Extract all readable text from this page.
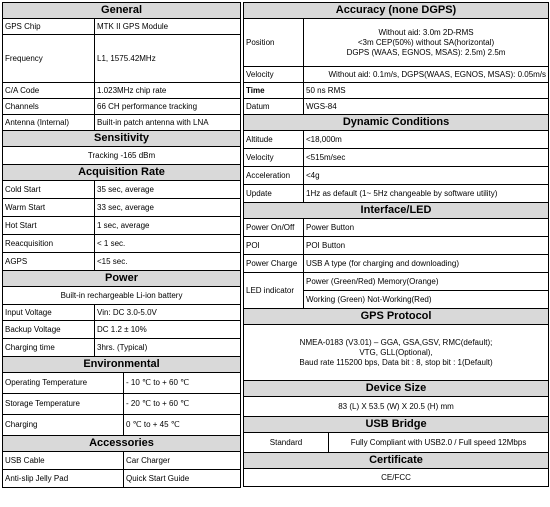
General		
GPS Chip	MTK II GPS Module	
Frequency	L1, 1575.42MHz	
C/A Code	1.023MHz chip rate	
Channels	66 CH performance tracking	
Antenna (Internal)	Built-in patch antenna with LNA	
Sensitivity		
Tracking -165 dBm		
Acquisition Rate		
Cold Start	35 sec, average	
Warm Start	33 sec, average	
Hot Start	1 sec, average	
Reacquisition	< 1 sec.	
AGPS	<15 sec.	
Power		
Built-in rechargeable Li-ion battery		
Input Voltage	Vin: DC 3.0-5.0V	
Backup Voltage	DC 1.2 ± 10%	
Charging time	3hrs. (Typical)	
Environmental		
Operating Temperature		- 10 ℃ to + 60 ℃
Storage Temperature		- 20 ℃ to + 60 ℃
Charging		0 ℃ to + 45 ℃
Accessories		
USB Cable		Car Charger
Anti-slip Jelly Pad		Quick Start Guide
Accuracy (none DGPS)		
Position	Without aid: 3.0m 2D-RMS
<3m CEP(50%) without SA(horizontal)
DGPS (WAAS, EGNOS, MSAS): 2.5m) 2.5m	

Velocity	Without aid: 0.1m/s, DGPS(WAAS, EGNOS, MSAS): 0.05m/s	
Time	50 ns RMS	
Datum	WGS-84	
Dynamic Conditions		
Altitude	<18,000m	
Velocity	<515m/sec	
Acceleration	<4g	
Update	1Hz as default (1~ 5Hz changeable by software utility)	
Interface/LED		
Power On/Off	Power Button	
POI	POI Button	
Power Charge	USB A type (for charging and downloading)	
LED indicator	Power (Green/Red) Memory(Orange)	
	Working (Green) Not-Working(Red)	
GPS Protocol		

NMEA-0183 (V3.01) – GGA, GSA,GSV, RMC(default);
VTG, GLL(Optional),
Baud rate 115200 bps, Data bit : 8, stop bit : 1(Default)		

Device Size		
83 (L) X 53.5 (W) X 20.5 (H) mm		
USB Bridge		
Standard		Fully Compliant with USB2.0 / Full speed 12Mbps
Certificate		
CE/FCC		
